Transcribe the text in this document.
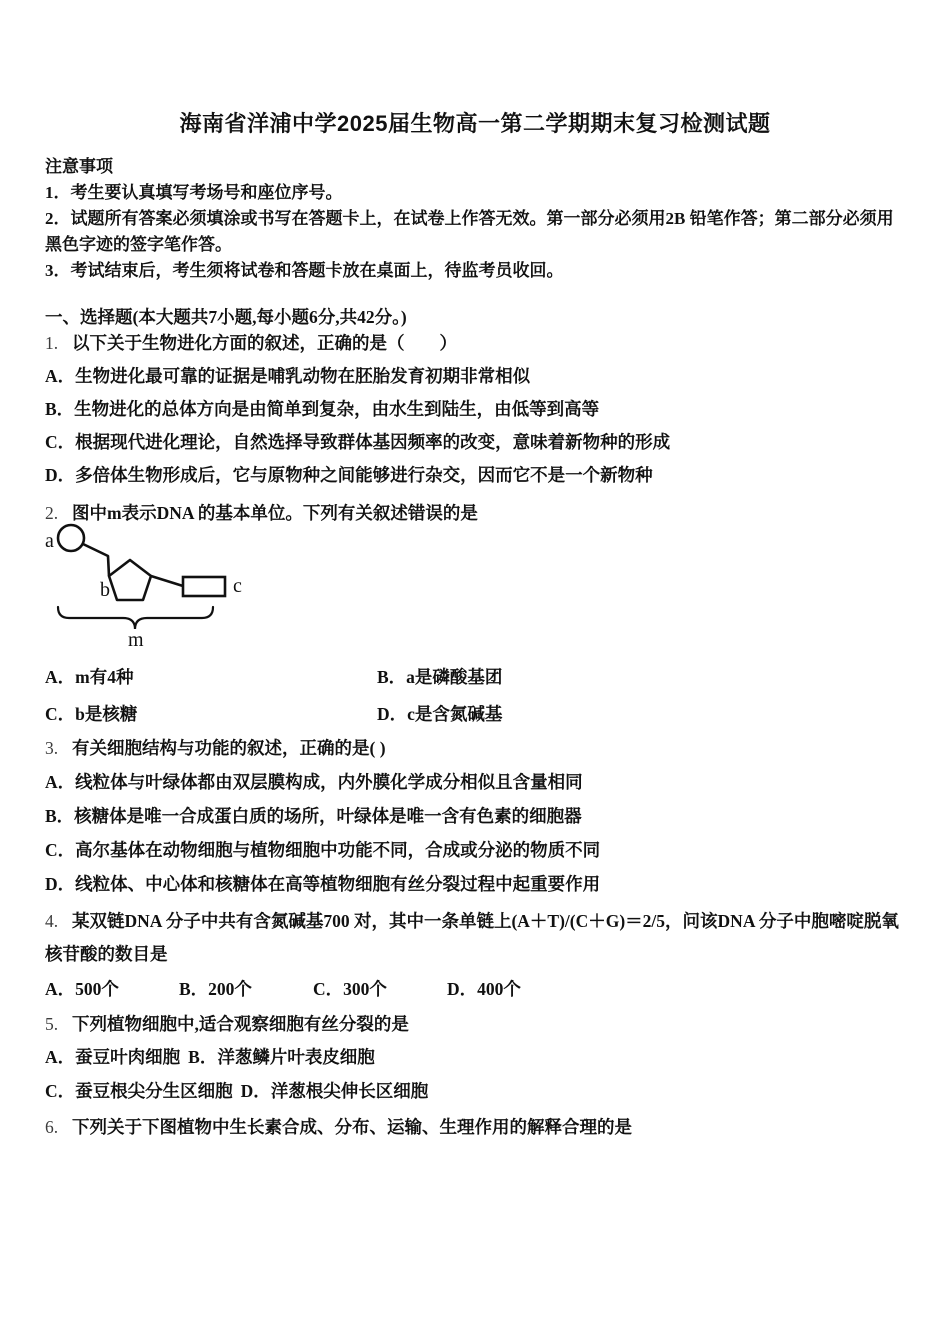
海南省洋浦中学2025届生物高一第二学期期末复习检测试题
注意事项
1．考生要认真填写考场号和座位序号。
2．试题所有答案必须填涂或书写在答题卡上，在试卷上作答无效。第一部分必须用2B 铅笔作答；第二部分必须用黑色字迹的签字笔作答。
3．考试结束后，考生须将试卷和答题卡放在桌面上，待监考员收回。
一、选择题(本大题共7小题,每小题6分,共42分。)
1. 以下关于生物进化方面的叙述，正确的是（　　）
A．生物进化最可靠的证据是哺乳动物在胚胎发育初期非常相似
B．生物进化的总体方向是由简单到复杂，由水生到陆生，由低等到高等
C．根据现代进化理论，自然选择导致群体基因频率的改变，意味着新物种的形成
D．多倍体生物形成后，它与原物种之间能够进行杂交，因而它不是一个新物种
2. 图中m表示DNA 的基本单位。下列有关叙述错误的是
a
b	c
m
A．m有4种	B．a是磷酸基团
C．b是核糖	D．c是含氮碱基
3. 有关细胞结构与功能的叙述，正确的是( )
A．线粒体与叶绿体都由双层膜构成，内外膜化学成分相似且含量相同
B．核糖体是唯一合成蛋白质的场所，叶绿体是唯一含有色素的细胞器
C．高尔基体在动物细胞与植物细胞中功能不同，合成或分泌的物质不同
D．线粒体、中心体和核糖体在高等植物细胞有丝分裂过程中起重要作用
4. 某双链DNA 分子中共有含氮碱基700 对，其中一条单链上(A＋T)/(C＋G)＝2/5，问该DNA 分子中胞嘧啶脱氧核苷酸的数目是
A．500个	B．200个	C．300个	D．400个
5. 下列植物细胞中,适合观察细胞有丝分裂的是
A．蚕豆叶肉细胞 B．洋葱鳞片叶表皮细胞
C．蚕豆根尖分生区细胞 D．洋葱根尖伸长区细胞
6. 下列关于下图植物中生长素合成、分布、运输、生理作用的解释合理的是
